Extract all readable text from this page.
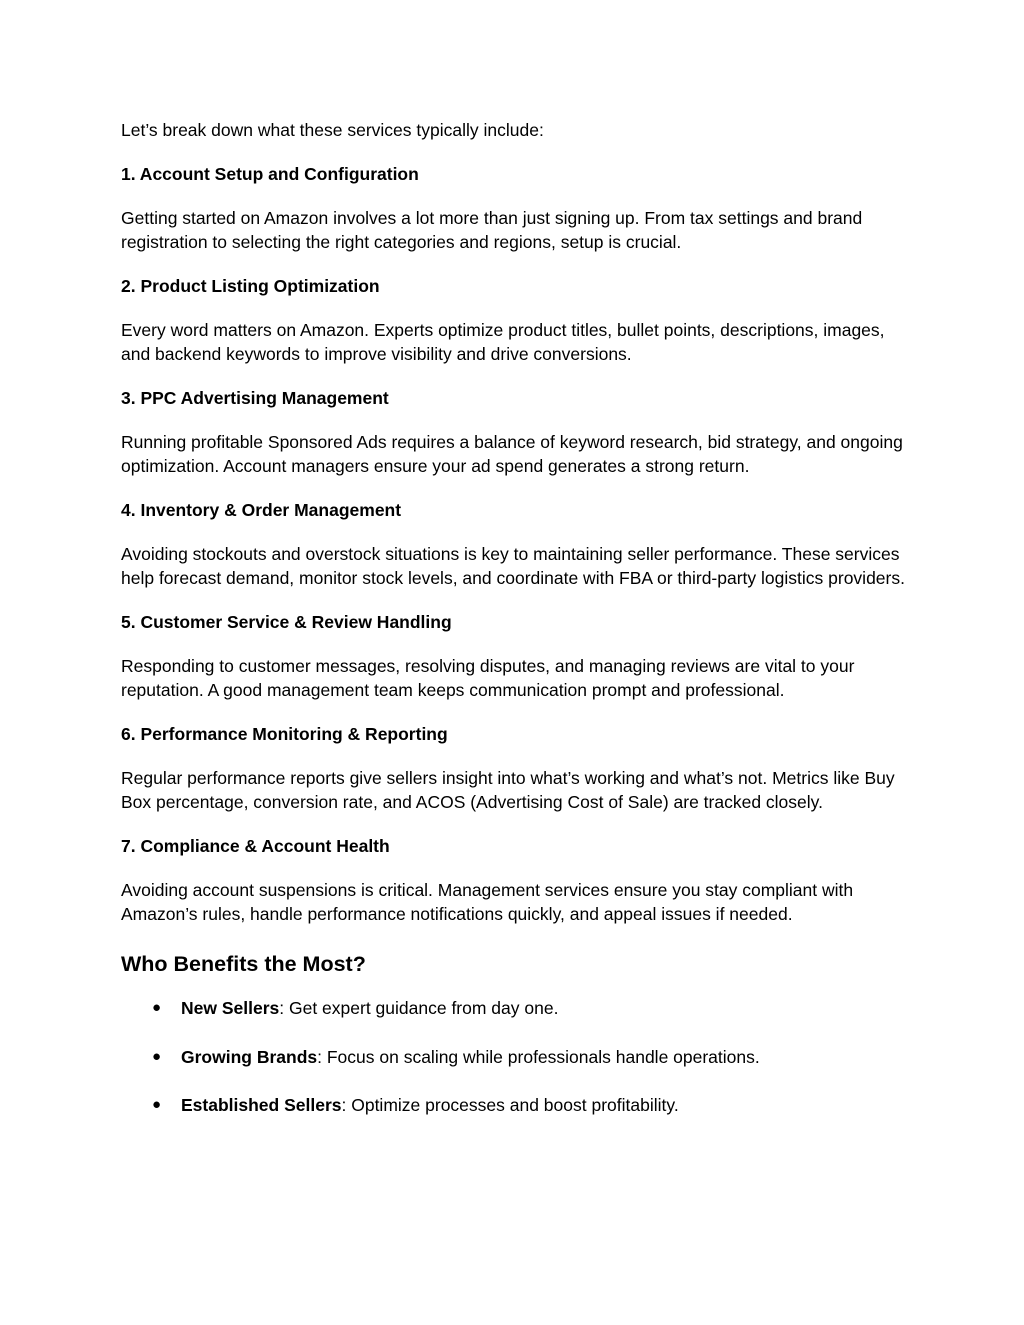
Let’s break down what these services typically include:

1. Account Setup and Configuration

Getting started on Amazon involves a lot more than just signing up. From tax settings and brand registration to selecting the right categories and regions, setup is crucial.

2. Product Listing Optimization

Every word matters on Amazon. Experts optimize product titles, bullet points, descriptions, images, and backend keywords to improve visibility and drive conversions.

3. PPC Advertising Management

Running profitable Sponsored Ads requires a balance of keyword research, bid strategy, and ongoing optimization. Account managers ensure your ad spend generates a strong return.

4. Inventory & Order Management

Avoiding stockouts and overstock situations is key to maintaining seller performance. These services help forecast demand, monitor stock levels, and coordinate with FBA or third-party logistics providers.

5. Customer Service & Review Handling

Responding to customer messages, resolving disputes, and managing reviews are vital to your reputation. A good management team keeps communication prompt and professional.

6. Performance Monitoring & Reporting

Regular performance reports give sellers insight into what’s working and what’s not. Metrics like Buy Box percentage, conversion rate, and ACOS (Advertising Cost of Sale) are tracked closely.

7. Compliance & Account Health

Avoiding account suspensions is critical. Management services ensure you stay compliant with Amazon’s rules, handle performance notifications quickly, and appeal issues if needed.

Who Benefits the Most?
● New Sellers: Get expert guidance from day one.
● Growing Brands: Focus on scaling while professionals handle operations.
● Established Sellers: Optimize processes and boost profitability.
